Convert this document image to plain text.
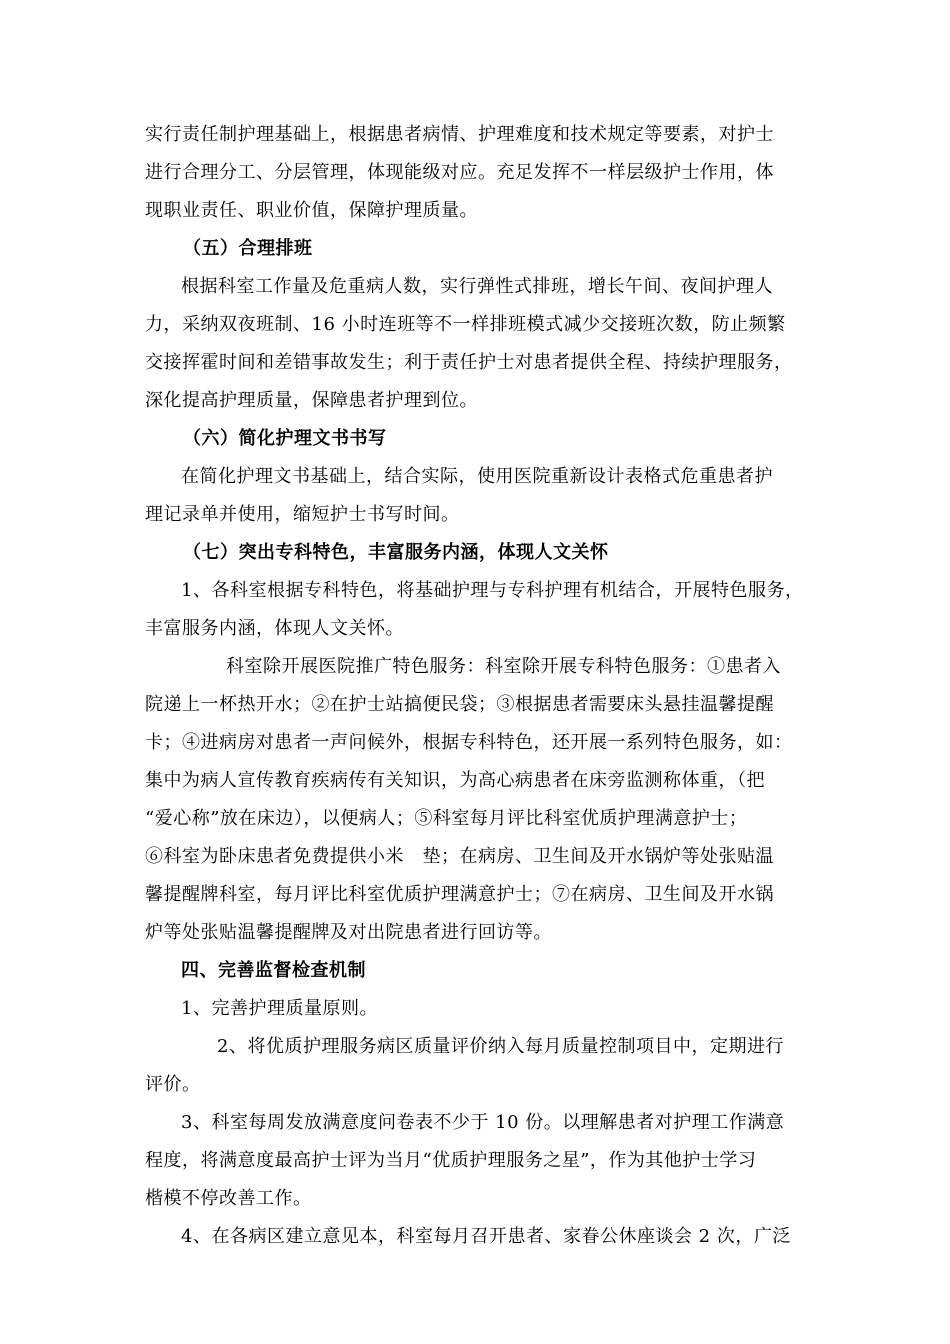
实行责任制护理基础上，根据患者病情、护理难度和技术规定等要素，对护士
进行合理分工、分层管理，体现能级对应。充足发挥不一样层级护士作用，体
现职业责任、职业价值，保障护理质量。
（五）合理排班
根据科室工作量及危重病人数，实行弹性式排班，增长午间、夜间护理人
力，采纳双夜班制、16 小时连班等不一样排班模式减少交接班次数，防止频繁
交接挥霍时间和差错事故发生；利于责任护士对患者提供全程、持续护理服务，
深化提高护理质量，保障患者护理到位。
（六）简化护理文书书写
在简化护理文书基础上，结合实际，使用医院重新设计表格式危重患者护
理记录单并使用，缩短护士书写时间。
（七）突出专科特色，丰富服务内涵，体现人文关怀
1、各科室根据专科特色，将基础护理与专科护理有机结合，开展特色服务，
丰富服务内涵，体现人文关怀。
科室除开展医院推广特色服务：科室除开展专科特色服务：①患者入
院递上一杯热开水；②在护士站搞便民袋；③根据患者需要床头悬挂温馨提醒
卡；④进病房对患者一声问候外，根据专科特色，还开展一系列特色服务，如：
集中为病人宣传教育疾病传有关知识，为高心病患者在床旁监测称体重，（把
“爱心称”放在床边），以便病人；⑤科室每月评比科室优质护理满意护士；
⑥科室为卧床患者免费提供小米　垫；在病房、卫生间及开水锅炉等处张贴温
馨提醒牌科室，每月评比科室优质护理满意护士；⑦在病房、卫生间及开水锅
炉等处张贴温馨提醒牌及对出院患者进行回访等。
四、完善监督检查机制
1、完善护理质量原则。
2、将优质护理服务病区质量评价纳入每月质量控制项目中，定期进行
评价。
3、科室每周发放满意度问卷表不少于 10 份。以理解患者对护理工作满意
程度，将满意度最高护士评为当月“优质护理服务之星”，作为其他护士学习
楷模不停改善工作。
4、在各病区建立意见本，科室每月召开患者、家眷公休座谈会 2 次，广泛
